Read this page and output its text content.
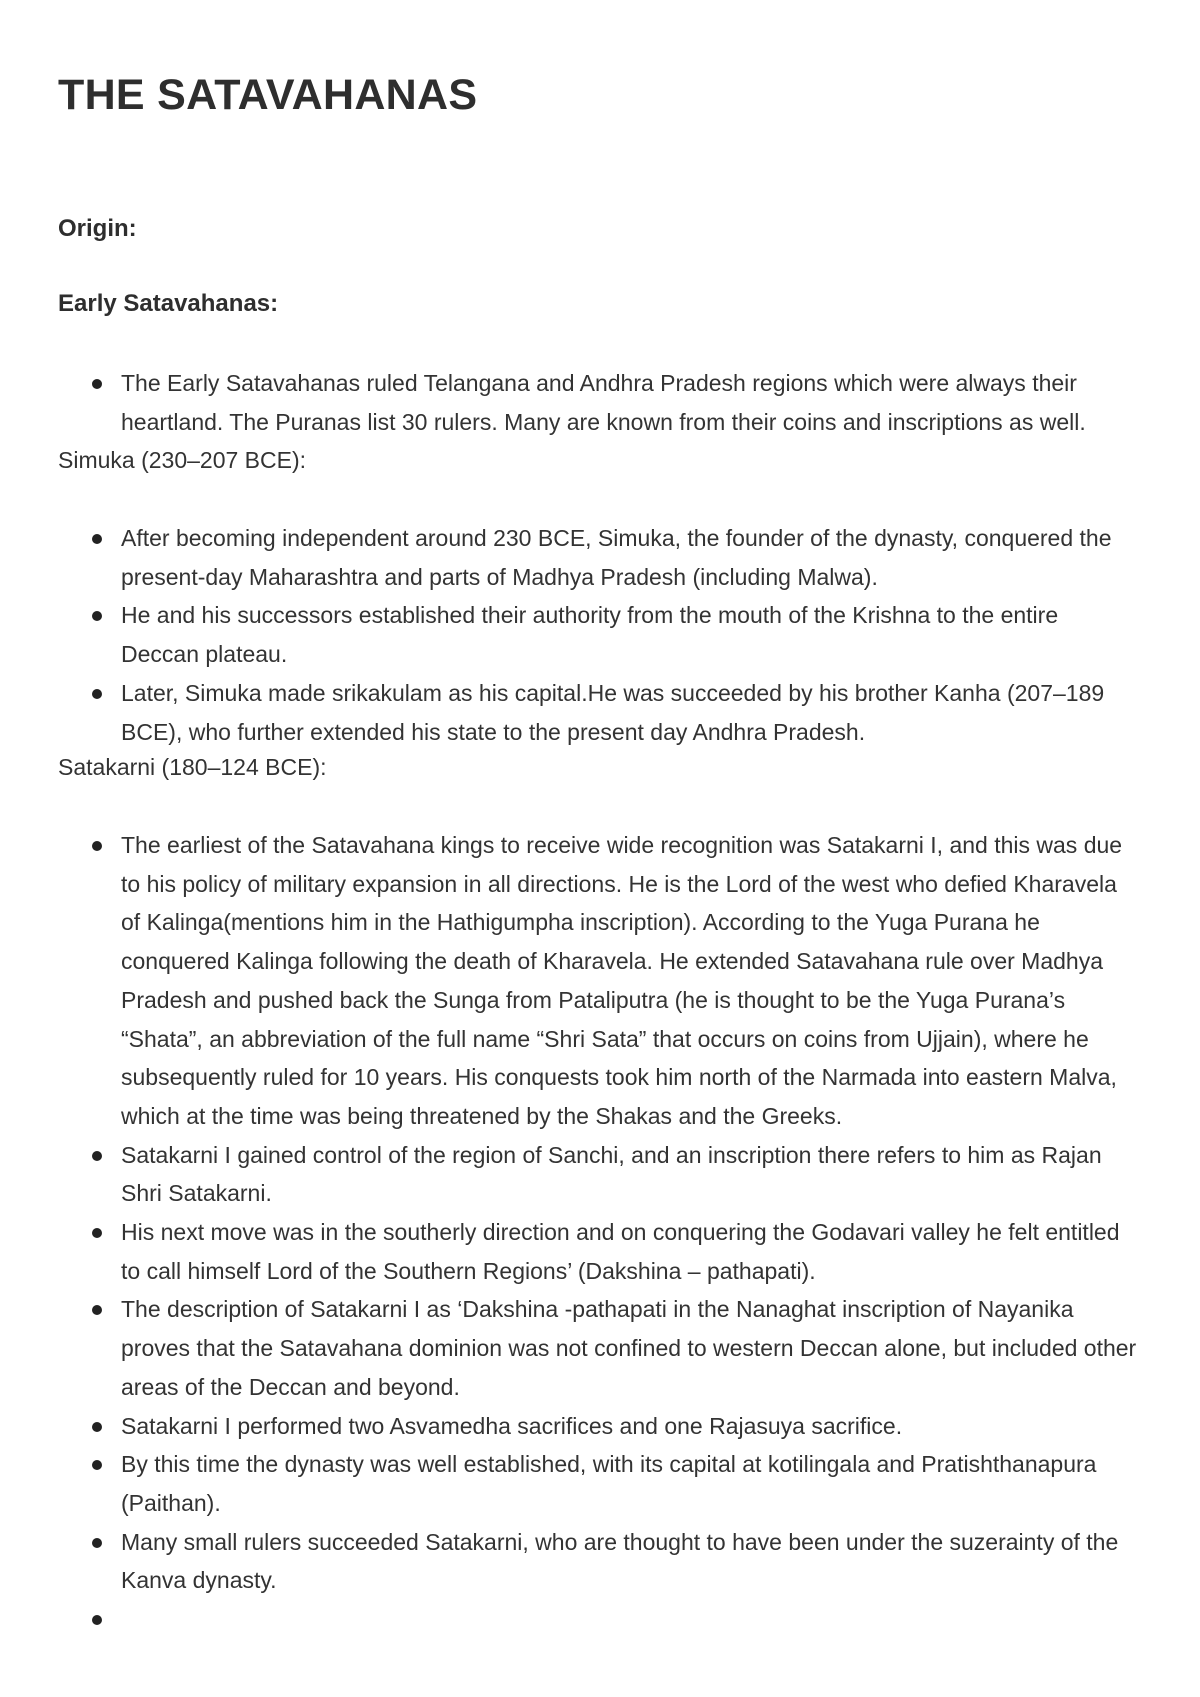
THE SATAVAHANAS

Origin:

Early Satavahanas:

The Early Satavahanas ruled Telangana and Andhra Pradesh regions which were always their heartland. The Puranas list 30 rulers. Many are known from their coins and inscriptions as well.

Simuka (230–207 BCE):

After becoming independent around 230 BCE, Simuka, the founder of the dynasty, conquered the present-day Maharashtra and parts of Madhya Pradesh (including Malwa).
He and his successors established their authority from the mouth of the Krishna to the entire Deccan plateau.
Later, Simuka made srikakulam as his capital.He was succeeded by his brother Kanha (207–189 BCE), who further extended his state to the present day Andhra Pradesh.

Satakarni (180–124 BCE):

The earliest of the Satavahana kings to receive wide recognition was Satakarni I, and this was due to his policy of military expansion in all directions. He is the Lord of the west who defied Kharavela of Kalinga(mentions him in the Hathigumpha inscription). According to the Yuga Purana he conquered Kalinga following the death of Kharavela. He extended Satavahana rule over Madhya Pradesh and pushed back the Sunga from Pataliputra (he is thought to be the Yuga Purana’s “Shata”, an abbreviation of the full name “Shri Sata” that occurs on coins from Ujjain), where he subsequently ruled for 10 years. His conquests took him north of the Narmada into eastern Malva, which at the time was being threatened by the Shakas and the Greeks.
Satakarni I gained control of the region of Sanchi, and an inscription there refers to him as Rajan Shri Satakarni.
His next move was in the southerly direction and on conquering the Godavari valley he felt entitled to call himself Lord of the Southern Regions’ (Dakshina – pathapati).
The description of Satakarni I as ‘Dakshina -pathapati in the Nanaghat inscription of Nayanika proves that the Satavahana dominion was not confined to western Deccan alone, but included other areas of the Deccan and beyond.
Satakarni I performed two Asvamedha sacrifices and one Rajasuya sacrifice.
By this time the dynasty was well established, with its capital at kotilingala and Pratishthanapura (Paithan).
Many small rulers succeeded Satakarni, who are thought to have been under the suzerainty of the Kanva dynasty.
